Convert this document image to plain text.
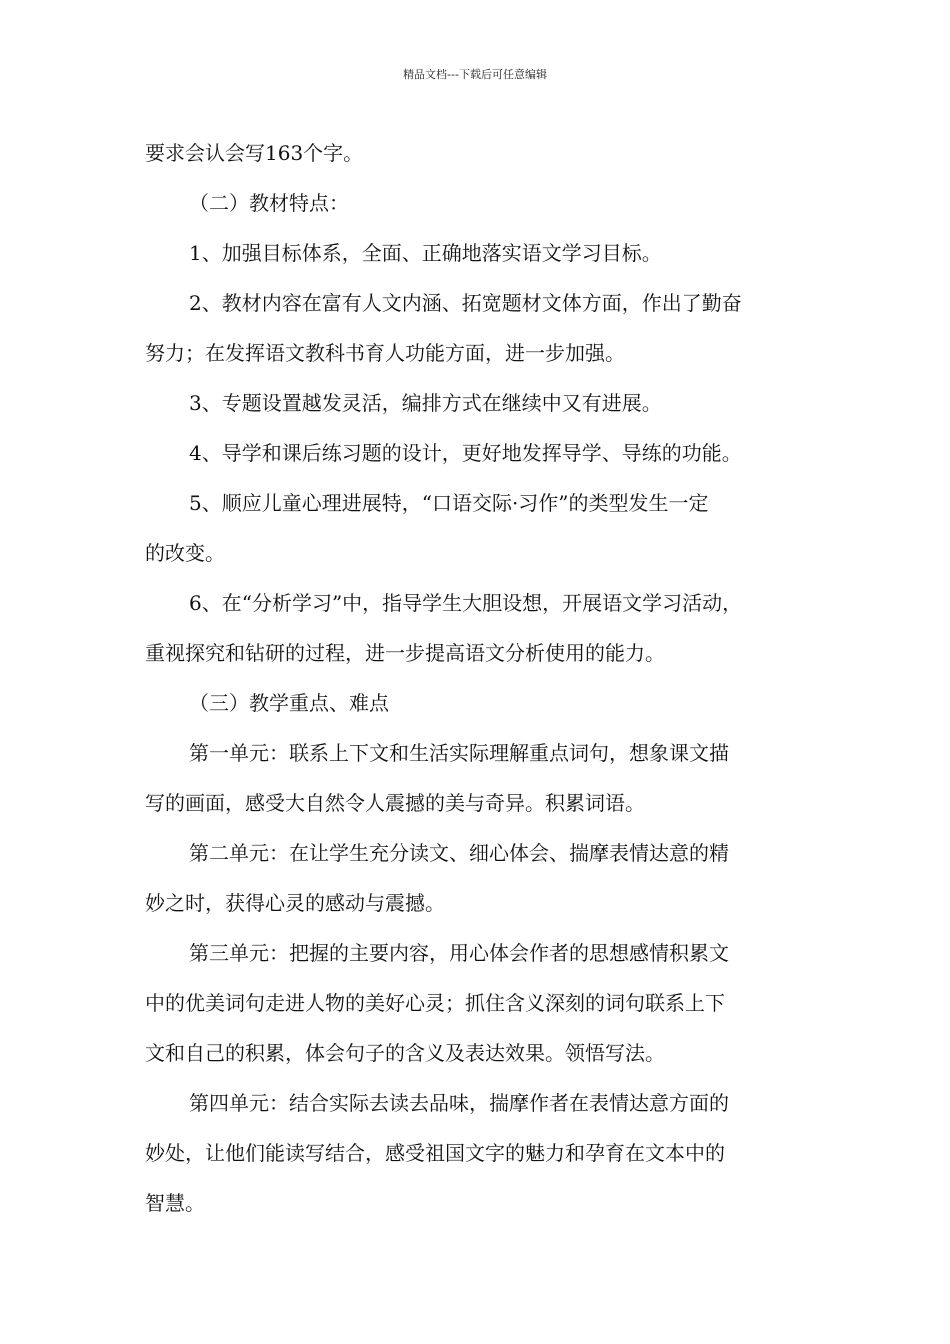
精品文档---下载后可任意编辑
要求会认会写163个字。
（二）教材特点：
1、加强目标体系，全面、正确地落实语文学习目标。
2、教材内容在富有人文内涵、拓宽题材文体方面，作出了勤奋
努力；在发挥语文教科书育人功能方面，进一步加强。
3、专题设置越发灵活，编排方式在继续中又有进展。
4、导学和课后练习题的设计，更好地发挥导学、导练的功能。
5、顺应儿童心理进展特，“口语交际·习作”的类型发生一定
的改变。
6、在“分析学习”中，指导学生大胆设想，开展语文学习活动，
重视探究和钻研的过程，进一步提高语文分析使用的能力。
（三）教学重点、难点
第一单元：联系上下文和生活实际理解重点词句，想象课文描
写的画面，感受大自然令人震撼的美与奇异。积累词语。
第二单元：在让学生充分读文、细心体会、揣摩表情达意的精
妙之时，获得心灵的感动与震撼。
第三单元：把握的主要内容，用心体会作者的思想感情积累文
中的优美词句走进人物的美好心灵；抓住含义深刻的词句联系上下
文和自己的积累，体会句子的含义及表达效果。领悟写法。
第四单元：结合实际去读去品味，揣摩作者在表情达意方面的
妙处，让他们能读写结合，感受祖国文字的魅力和孕育在文本中的
智慧。
